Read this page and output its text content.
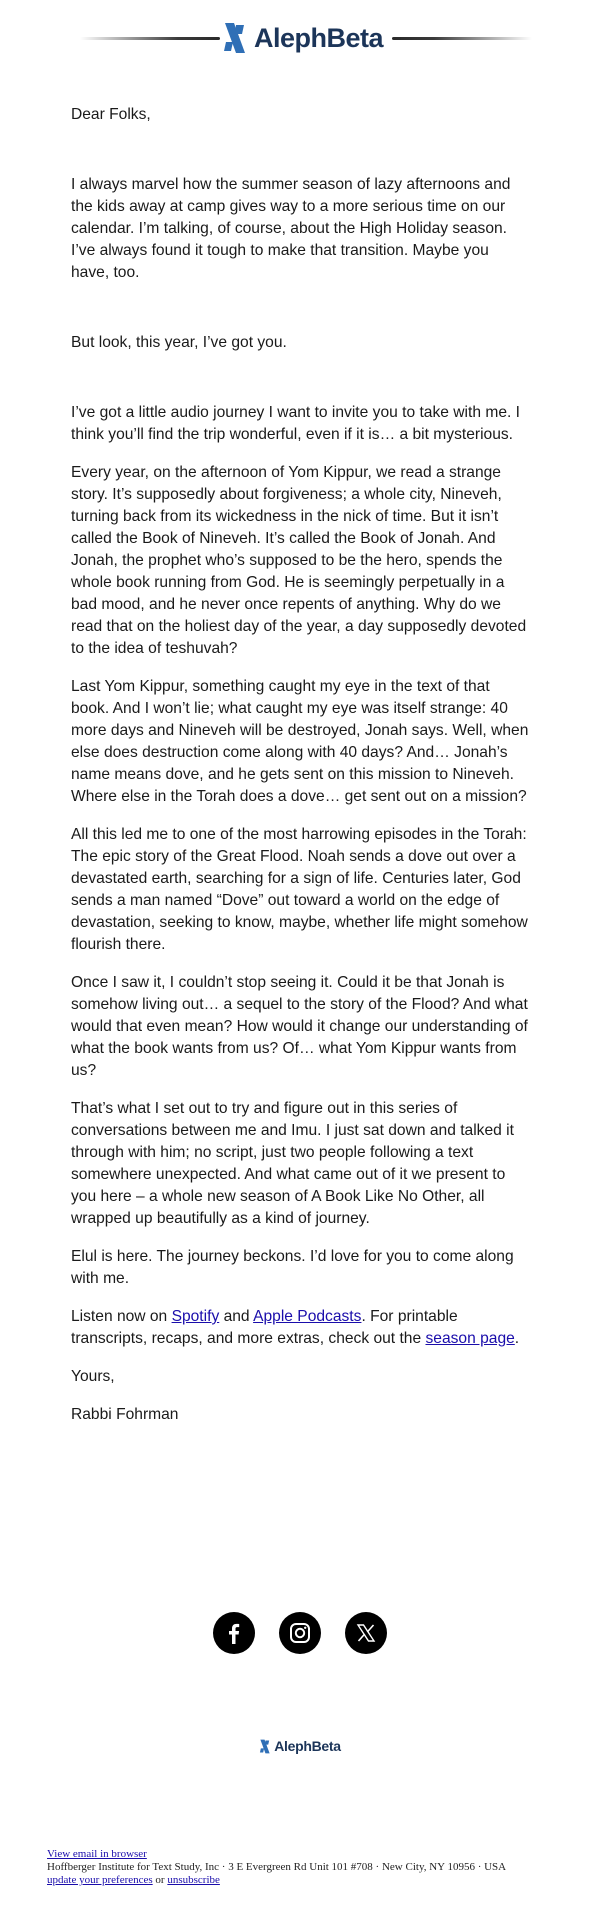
AlephBeta

Dear Folks,

I always marvel how the summer season of lazy afternoons and the kids away at camp gives way to a more serious time on our calendar. I’m talking, of course, about the High Holiday season. I’ve always found it tough to make that transition. Maybe you have, too.

But look, this year, I’ve got you.

I’ve got a little audio journey I want to invite you to take with me. I think you’ll find the trip wonderful, even if it is… a bit mysterious.

Every year, on the afternoon of Yom Kippur, we read a strange story. It’s supposedly about forgiveness; a whole city, Nineveh, turning back from its wickedness in the nick of time. But it isn’t called the Book of Nineveh. It’s called the Book of Jonah. And Jonah, the prophet who’s supposed to be the hero, spends the whole book running from God. He is seemingly perpetually in a bad mood, and he never once repents of anything. Why do we read that on the holiest day of the year, a day supposedly devoted to the idea of teshuvah?

Last Yom Kippur, something caught my eye in the text of that book. And I won’t lie; what caught my eye was itself strange: 40 more days and Nineveh will be destroyed, Jonah says. Well, when else does destruction come along with 40 days? And… Jonah’s name means dove, and he gets sent on this mission to Nineveh. Where else in the Torah does a dove… get sent out on a mission?

All this led me to one of the most harrowing episodes in the Torah: The epic story of the Great Flood. Noah sends a dove out over a devastated earth, searching for a sign of life. Centuries later, God sends a man named “Dove” out toward a world on the edge of devastation, seeking to know, maybe, whether life might somehow flourish there.

Once I saw it, I couldn’t stop seeing it. Could it be that Jonah is somehow living out… a sequel to the story of the Flood? And what would that even mean? How would it change our understanding of what the book wants from us? Of… what Yom Kippur wants from us?

That’s what I set out to try and figure out in this series of conversations between me and Imu. I just sat down and talked it through with him; no script, just two people following a text somewhere unexpected. And what came out of it we present to you here – a whole new season of A Book Like No Other, all wrapped up beautifully as a kind of journey.

Elul is here. The journey beckons. I’d love for you to come along with me.

Listen now on Spotify and Apple Podcasts. For printable transcripts, recaps, and more extras, check out the season page.

Yours,

Rabbi Fohrman

AlephBeta
View email in browser
Hoffberger Institute for Text Study, Inc · 3 E Evergreen Rd Unit 101 #708 · New City, NY 10956 · USA
update your preferences or unsubscribe
